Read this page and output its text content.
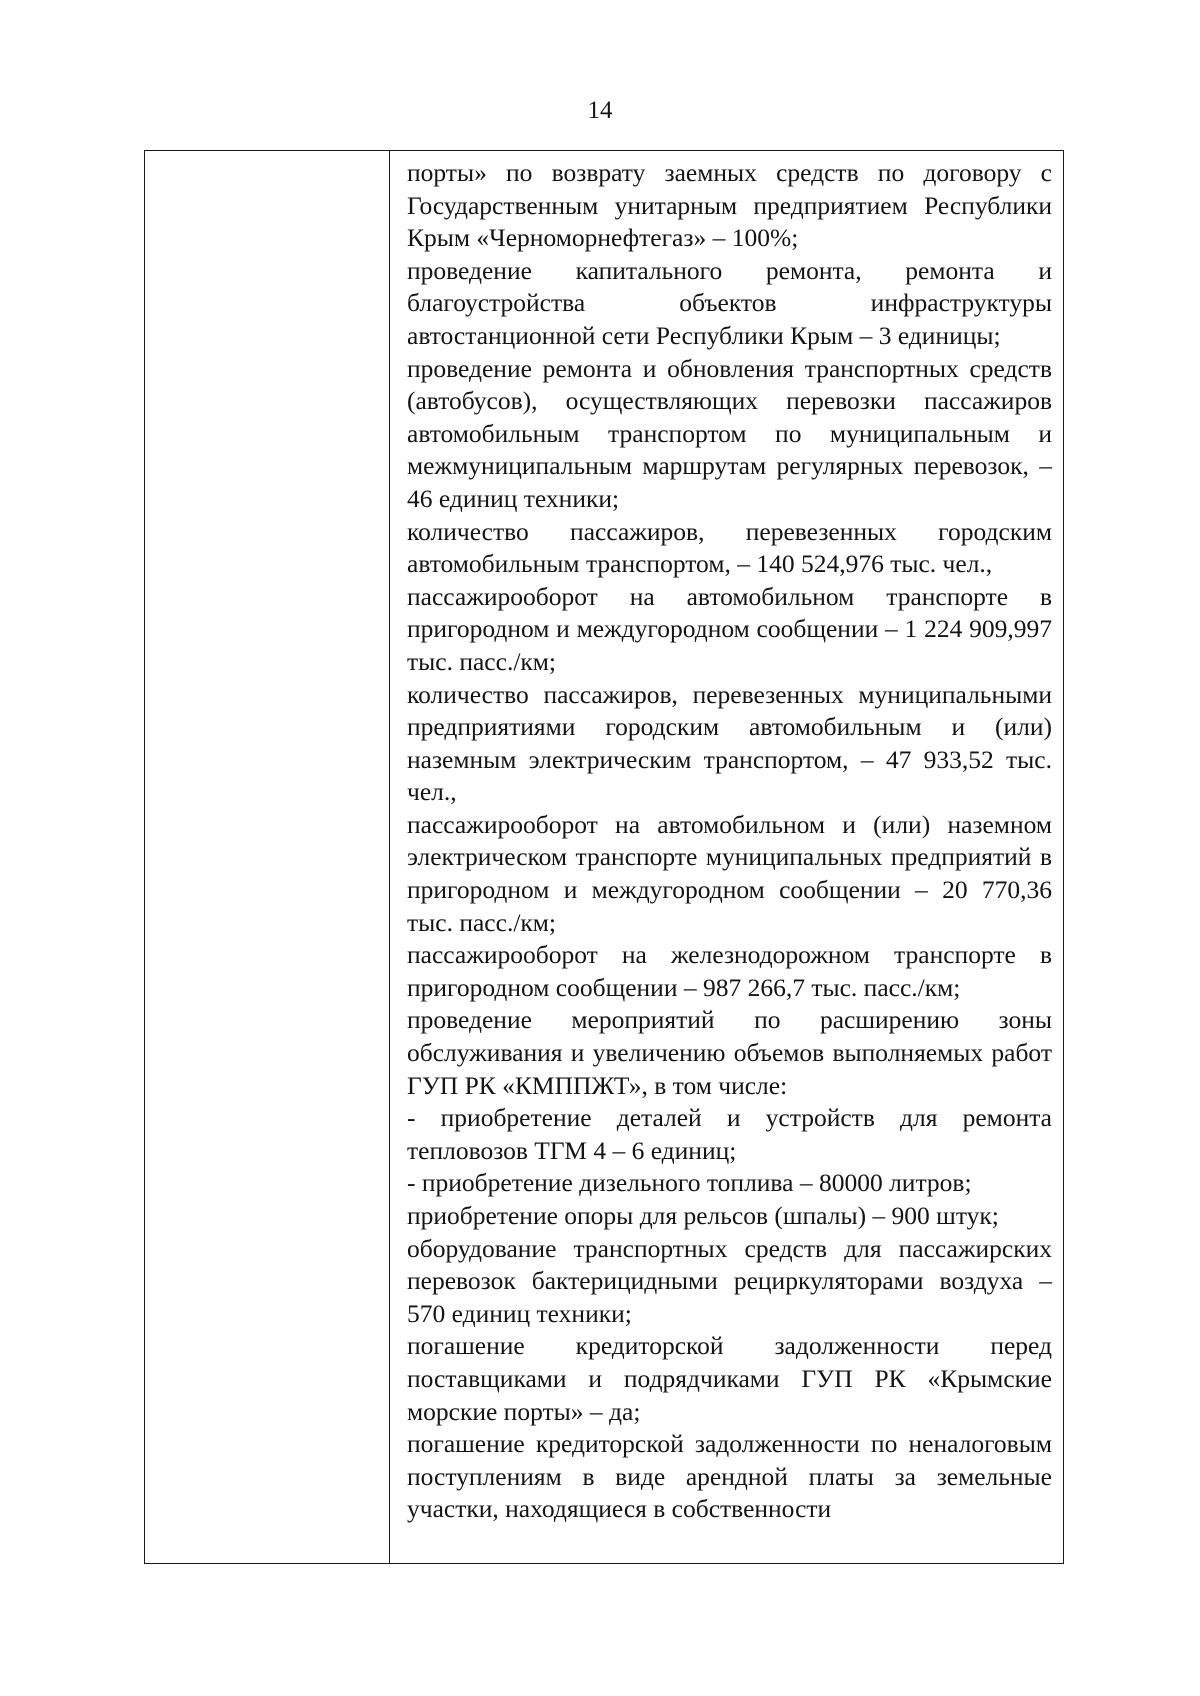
14

порты» по возврату заемных средств по договору с Государственным унитарным предприятием Республики Крым «Черноморнефтегаз» – 100%;

проведение капитального ремонта, ремонта и благоустройства объектов инфраструктуры автостанционной сети Республики Крым – 3 единицы;

проведение ремонта и обновления транспортных средств (автобусов), осуществляющих перевозки пассажиров автомобильным транспортом по муниципальным и межмуниципальным маршрутам регулярных перевозок, – 46 единиц техники;

количество пассажиров, перевезенных городским автомобильным транспортом, – 140 524,976 тыс. чел.,

пассажирооборот на автомобильном транспорте в пригородном и междугородном сообщении – 1 224 909,997 тыс. пасс./км;

количество пассажиров, перевезенных муниципальными предприятиями городским автомобильным и (или) наземным электрическим транспортом, – 47 933,52 тыс. чел.,

пассажирооборот на автомобильном и (или) наземном электрическом транспорте муниципальных предприятий в пригородном и междугородном сообщении – 20 770,36 тыс. пасс./км;

пассажирооборот на железнодорожном транспорте в пригородном сообщении – 987 266,7 тыс. пасс./км;

проведение мероприятий по расширению зоны обслуживания и увеличению объемов выполняемых работ ГУП РК «КМППЖТ», в том числе:

- приобретение деталей и устройств для ремонта тепловозов ТГМ 4 – 6 единиц;

- приобретение дизельного топлива – 80000 литров;

приобретение опоры для рельсов (шпалы) – 900 штук;

оборудование транспортных средств для пассажирских перевозок бактерицидными рециркуляторами воздуха – 570 единиц техники;

погашение кредиторской задолженности перед поставщиками и подрядчиками ГУП РК «Крымские морские порты» – да;

погашение кредиторской задолженности по неналоговым поступлениям в виде арендной платы за земельные участки, находящиеся в собственности
